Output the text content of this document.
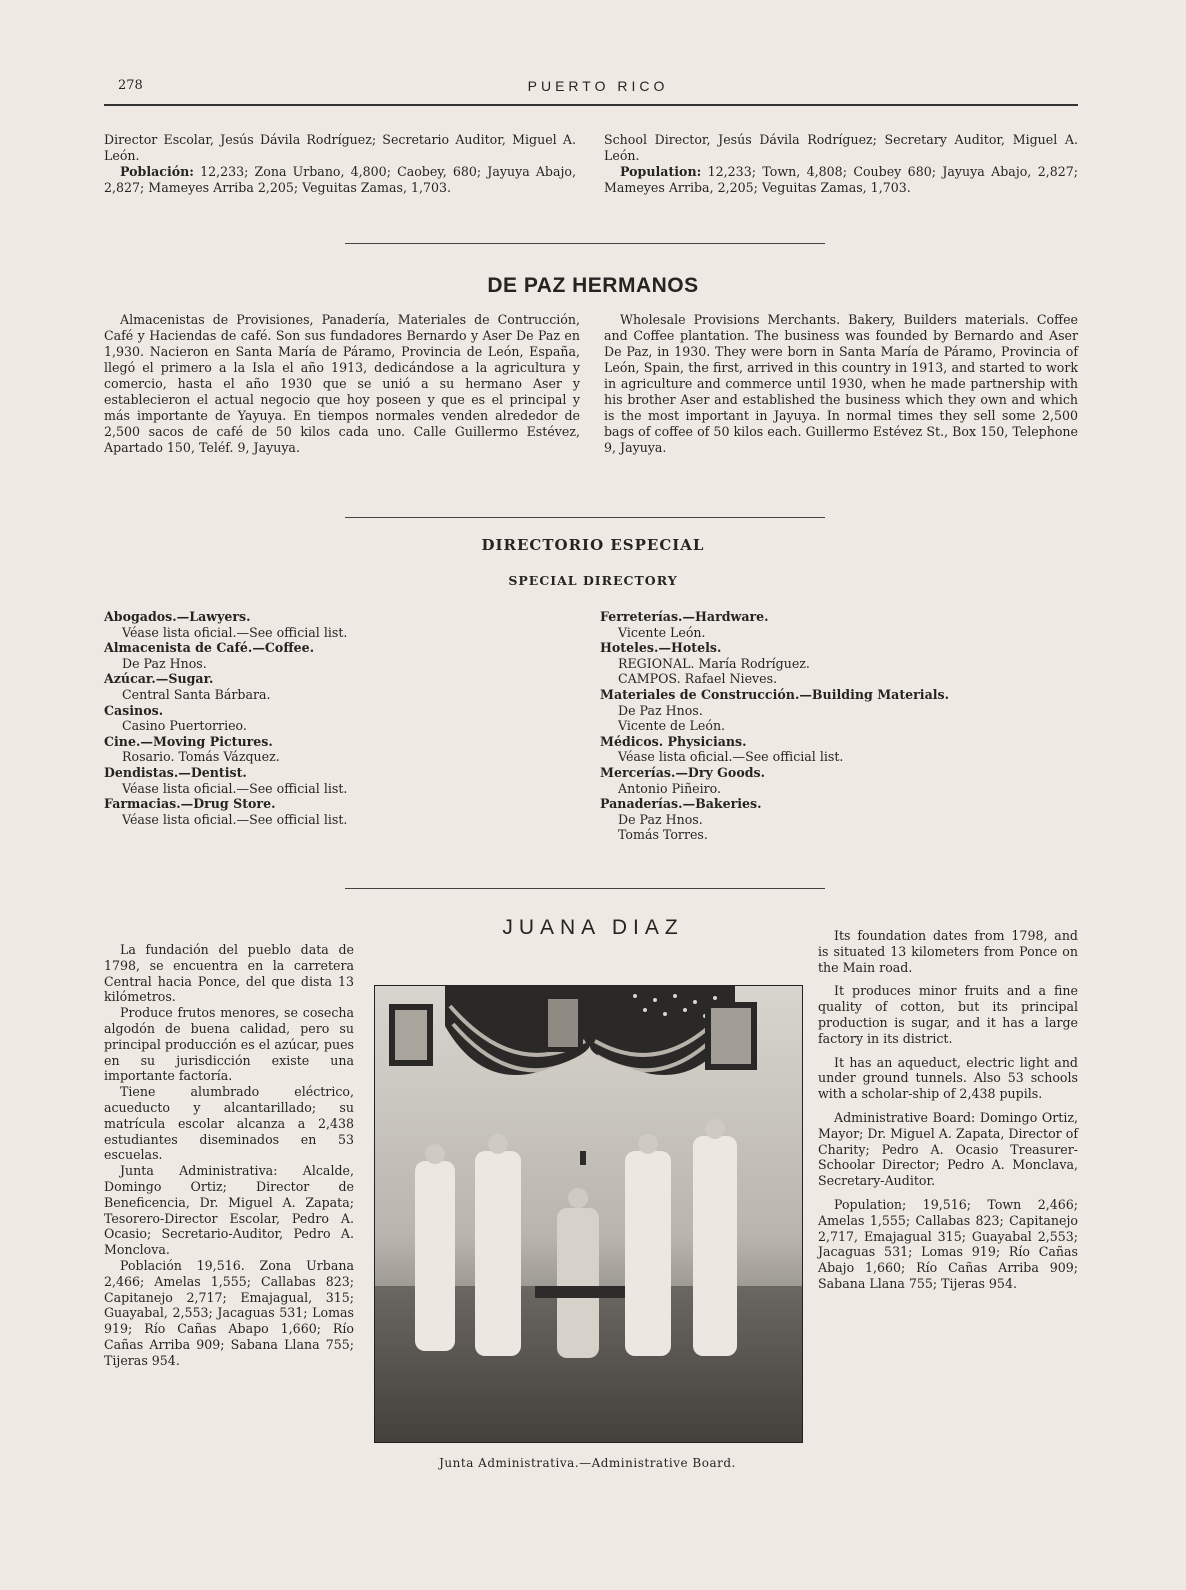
278	PUERTO RICO

Director Escolar, Jesús Dávila Rodríguez; Secretario Auditor, Miguel A. León.

Población: 12,233; Zona Urbano, 4,800; Caobey, 680; Jayuya Abajo, 2,827; Mameyes Arriba 2,205; Veguitas Zamas, 1,703.

School Director, Jesús Dávila Rodríguez; Secretary Auditor, Miguel A. León.

Population: 12,233; Town, 4,808; Coubey 680; Jayuya Abajo, 2,827; Mameyes Arriba, 2,205; Veguitas Zamas, 1,703.

DE PAZ HERMANOS

Almacenistas de Provisiones, Panadería, Materiales de Contrucción, Café y Haciendas de café. Son sus fundadores Bernardo y Aser De Paz en 1,930. Nacieron en Santa María de Páramo, Provincia de León, España, llegó el primero a la Isla el año 1913, dedicándose a la agricultura y comercio, hasta el año 1930 que se unió a su hermano Aser y establecieron el actual negocio que hoy poseen y que es el principal y más importante de Yayuya. En tiempos normales venden alrededor de 2,500 sacos de café de 50 kilos cada uno. Calle Guillermo Estévez, Apartado 150, Teléf. 9, Jayuya.

Wholesale Provisions Merchants. Bakery, Builders materials. Coffee and Coffee plantation. The business was founded by Bernardo and Aser De Paz, in 1930. They were born in Santa María de Páramo, Provincia of León, Spain, the first, arrived in this country in 1913, and started to work in agriculture and commerce until 1930, when he made partnership with his brother Aser and established the business which they own and which is the most important in Jayuya. In normal times they sell some 2,500 bags of coffee of 50 kilos each. Guillermo Estévez St., Box 150, Telephone 9, Jayuya.

DIRECTORIO ESPECIAL
SPECIAL DIRECTORY
Abogados.—Lawyers.
Véase lista oficial.—See official list.
Almacenista de Café.—Coffee.
De Paz Hnos.
Azúcar.—Sugar.
Central Santa Bárbara.
Casinos.
Casino Puertorrieo.
Cine.—Moving Pictures.
Rosario. Tomás Vázquez.
Dendistas.—Dentist.
Véase lista oficial.—See official list.
Farmacias.—Drug Store.
Véase lista oficial.—See official list.
Ferreterías.—Hardware.
Vicente León.
Hoteles.—Hotels.
REGIONAL. María Rodríguez.
CAMPOS. Rafael Nieves.
Materiales de Construcción.—Building Materials.
De Paz Hnos.
Vicente de León.
Médicos. Physicians.
Véase lista oficial.—See official list.
Mercerías.—Dry Goods.
Antonio Piñeiro.
Panaderías.—Bakeries.
De Paz Hnos.
Tomás Torres.
JUANA DIAZ

La fundación del pueblo data de 1798, se encuentra en la carretera Central hacia Ponce, del que dista 13 kilómetros.

Produce frutos menores, se cosecha algodón de buena calidad, pero su principal producción es el azúcar, pues en su jurisdicción existe una importante factoría.

Tiene alumbrado eléctrico, acueducto y alcantarillado; su matrícula escolar alcanza a 2,438 estudiantes diseminados en 53 escuelas.

Junta Administrativa: Alcalde, Domingo Ortiz; Director de Beneficencia, Dr. Miguel A. Zapata; Tesorero-Director Escolar, Pedro A. Ocasio; Secretario-Auditor, Pedro A. Monclova.

Población 19,516. Zona Urbana 2,466; Amelas 1,555; Callabas 823; Capitanejo 2,717; Emajagual, 315; Guayabal, 2,553; Jacaguas 531; Lomas 919; Río Cañas Abapo 1,660; Río Cañas Arriba 909; Sabana Llana 755; Tijeras 954.

Junta Administrativa.—Administrative Board.

Its foundation dates from 1798, and is situated 13 kilometers from Ponce on the Main road.

It produces minor fruits and a fine quality of cotton, but its principal production is sugar, and it has a large factory in its district.

It has an aqueduct, electric light and under ground tunnels. Also 53 schools with a scholar-ship of 2,438 pupils.

Administrative Board: Domingo Ortiz, Mayor; Dr. Miguel A. Zapata, Director of Charity; Pedro A. Ocasio Treasurer-Schoolar Director; Pedro A. Monclava, Secretary-Auditor.

Population; 19,516; Town 2,466; Amelas 1,555; Callabas 823; Capitanejo 2,717, Emajagual 315; Guayabal 2,553; Jacaguas 531; Lomas 919; Río Cañas Abajo 1,660; Río Cañas Arriba 909; Sabana Llana 755; Tijeras 954.
